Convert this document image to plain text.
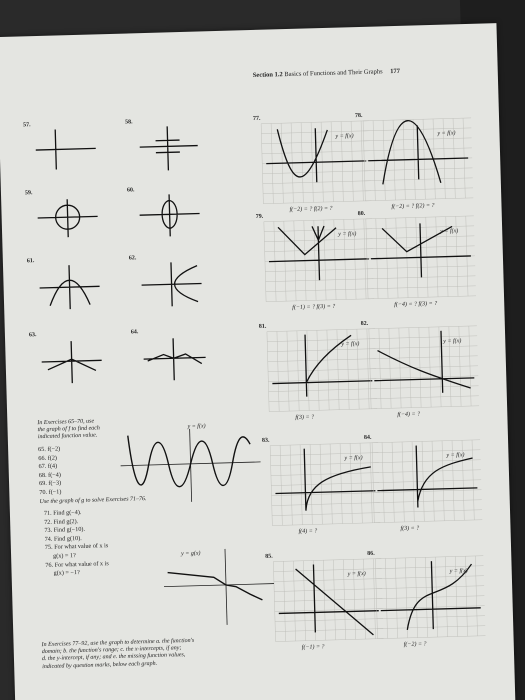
Section 1.2 Basics of Functions and Their Graphs 177
57.	58.
59.	60.
61.	62.
63.	64.
77.
y = f(x)
f(−2) = ? f(2) = ?
78.
y = f(x)
f(−2) = ? f(2) = ?
79.
y = f(x)
f(−1) = ? f(3) = ?
80.
y = f(x)
f(−4) = ? f(3) = ?
81.
y = f(x)
f(3) = ?
82.
y = f(x)
f(−4) = ?
83.
y = f(x)
f(4) = ?
84.
y = f(x)
f(3) = ?
85.
y = f(x)
f(−1) = ?
86.
y = f(x)
f(−2) = ?
In Exercises 65–70, use
the graph of f to find each
indicated function value.
65. f(−2)
66. f(2)
67. f(4)
68. f(−4)
69. f(−3)
70. f(−1)
y = f(x)
Use the graph of g to solve Exercises 71–76.
71. Find g(−4).
72. Find g(2).
73. Find g(−10).
74. Find g(10).
75. For what value of x is
g(x) = 1?
76. For what value of x is
g(x) = −1?
y = g(x)
In Exercises 77–92, use the graph to determine a. the function's
domain; b. the function's range; c. the x-intercepts, if any;
d. the y-intercept, if any; and e. the missing function values,
indicated by question marks, below each graph.
